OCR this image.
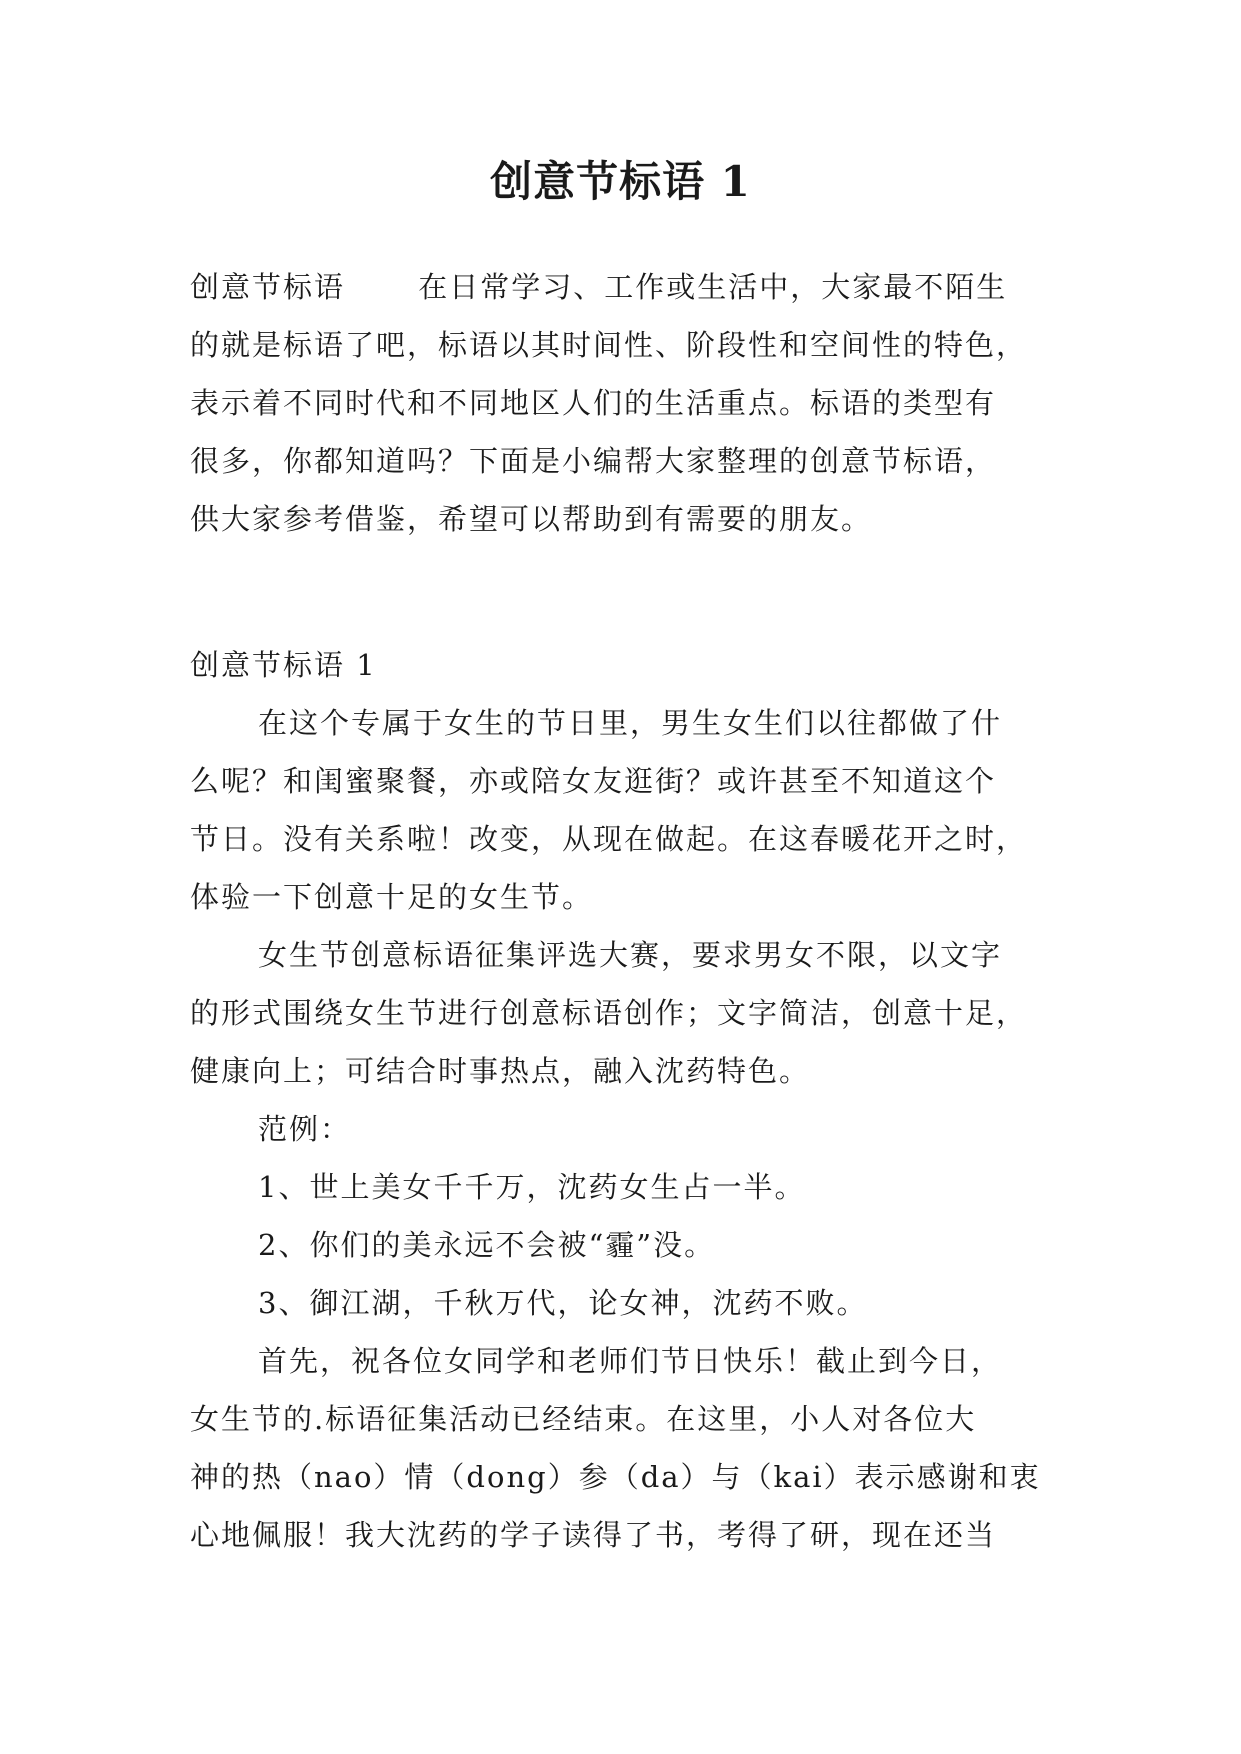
创意节标语 1
创意节标语 　　在日常学习、工作或生活中，大家最不陌生
的就是标语了吧，标语以其时间性、阶段性和空间性的特色，
表示着不同时代和不同地区人们的生活重点。标语的类型有
很多，你都知道吗？下面是小编帮大家整理的创意节标语，
供大家参考借鉴，希望可以帮助到有需要的朋友。
创意节标语 1
在这个专属于女生的节日里，男生女生们以往都做了什
么呢？和闺蜜聚餐，亦或陪女友逛街？或许甚至不知道这个
节日。没有关系啦！改变，从现在做起。在这春暖花开之时，
体验一下创意十足的女生节。
女生节创意标语征集评选大赛，要求男女不限，以文字
的形式围绕女生节进行创意标语创作；文字简洁，创意十足，
健康向上；可结合时事热点，融入沈药特色。
范例：
1、世上美女千千万，沈药女生占一半。
2、你们的美永远不会被“霾”没。
3、御江湖，千秋万代，论女神，沈药不败。
首先，祝各位女同学和老师们节日快乐！截止到今日，
女生节的.标语征集活动已经结束。在这里，小人对各位大
神的热（nao）情（dong）参（da）与（kai）表示感谢和衷
心地佩服！我大沈药的学子读得了书，考得了研，现在还当
